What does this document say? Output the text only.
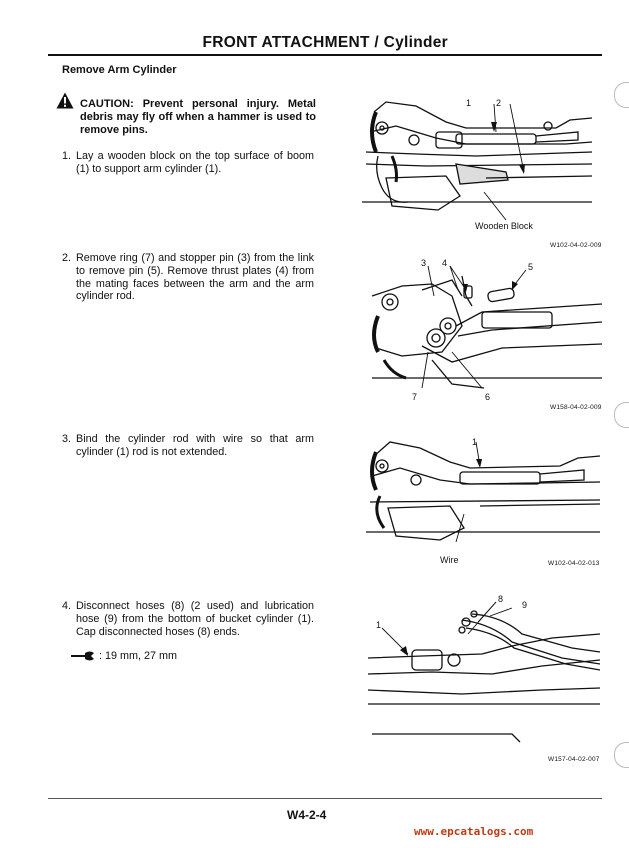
FRONT ATTACHMENT / Cylinder
Remove Arm Cylinder
CAUTION: Prevent personal injury. Metal debris may fly off when a hammer is used to remove pins.
1. Lay a wooden block on the top surface of boom (1) to support arm cylinder (1).
2. Remove ring (7) and stopper pin (3) from the link to remove pin (5). Remove thrust plates (4) from the mating faces between the arm and the arm cylinder rod.
3. Bind the cylinder rod with wire so that arm cylinder (1) rod is not extended.
4. Disconnect hoses (8) (2 used) and lubrication hose (9) from the bottom of bucket cylinder (1). Cap disconnected hoses (8) ends.
: 19 mm, 27 mm
1	2
Wooden Block
W102-04-02-009
3 4	5
7	6
W158-04-02-009
1
Wire	W102-04-02-013
8
9
1
W157-04-02-007
W4-2-4
www.epcatalogs.com
